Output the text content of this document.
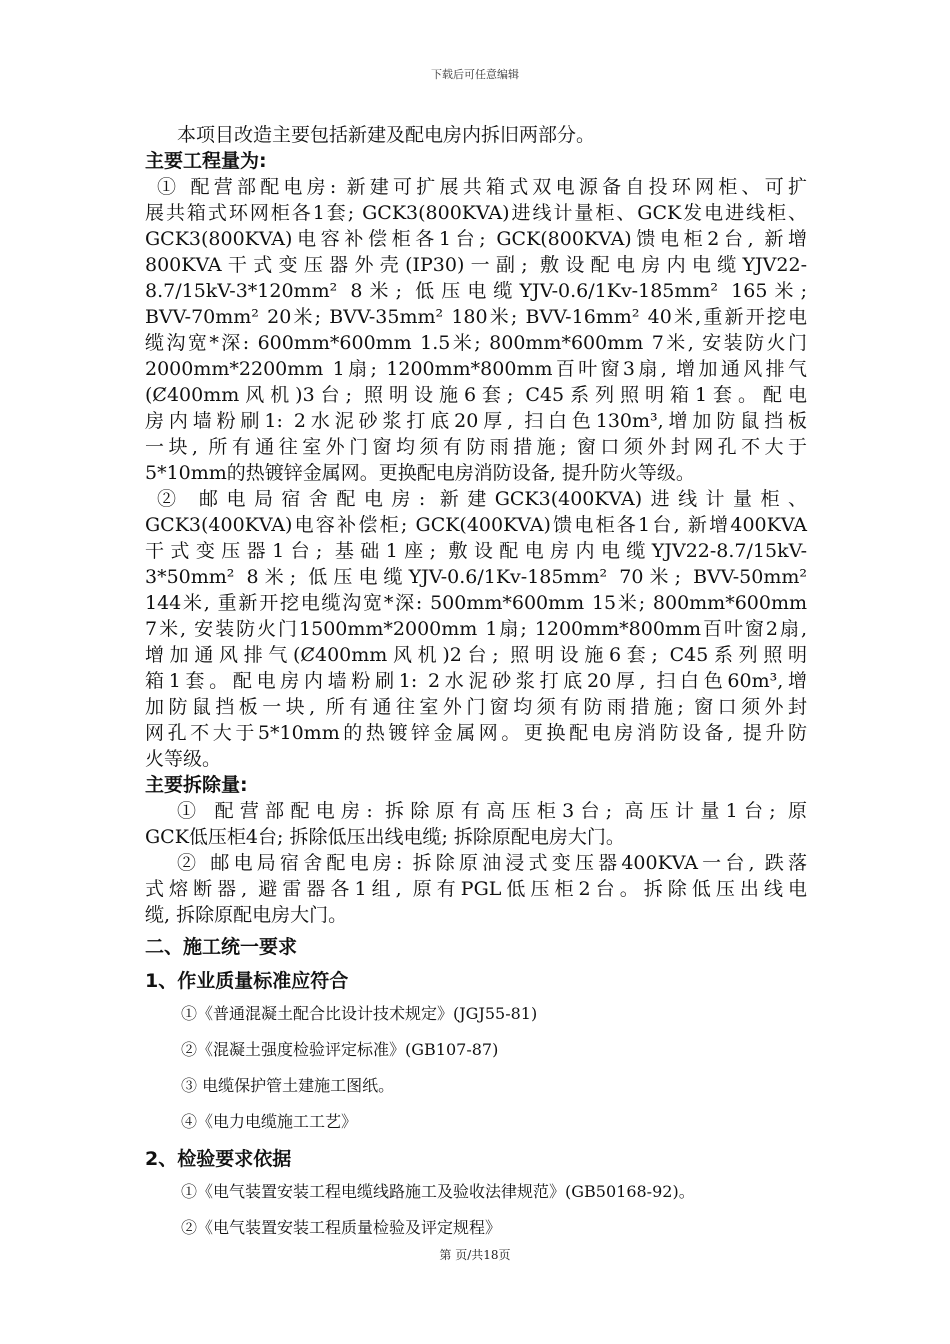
下载后可任意编辑
本项目改造主要包括新建及配电房内拆旧两部分。
主要工程量为:
① 配营部配电房: 新建可扩展共箱式双电源备自投环网柜、可扩
展共箱式环网柜各1套; GCK3(800KVA)进线计量柜、GCK发电进线柜、
GCK3(800KVA)电容补偿柜各1台; GCK(800KVA)馈电柜2台, 新增
800KVA干式变压器外壳(IP30)一副; 敷设配电房内电缆YJV22-
8.7/15kV-3*120mm² 8米; 低压电缆YJV-0.6/1Kv-185mm² 165米;
BVV-70mm² 20米; BVV-35mm² 180米; BVV-16mm² 40米,重新开挖电
缆沟宽*深: 600mm*600mm 1.5米; 800mm*600mm 7米, 安装防火门
2000mm*2200mm 1扇; 1200mm*800mm百叶窗3扇, 增加通风排气
(Ȼ400mm风机)3台; 照明设施6套; C45系列照明箱1套。配电
房内墙粉刷1: 2水泥砂浆打底20厚, 扫白色130m³,增加防鼠挡板
一块, 所有通往室外门窗均须有防雨措施; 窗口须外封网孔不大于
5*10mm的热镀锌金属网。更换配电房消防设备, 提升防火等级。
② 邮电局宿舍配电房: 新建GCK3(400KVA)进线计量柜、
GCK3(400KVA)电容补偿柜; GCK(400KVA)馈电柜各1台, 新增400KVA
干式变压器1台; 基础1座; 敷设配电房内电缆YJV22-8.7/15kV-
3*50mm² 8米; 低压电缆YJV-0.6/1Kv-185mm² 70米; BVV-50mm²
144米, 重新开挖电缆沟宽*深: 500mm*600mm 15米; 800mm*600mm
7米, 安装防火门1500mm*2000mm 1扇; 1200mm*800mm百叶窗2扇,
增加通风排气(Ȼ400mm风机)2台; 照明设施6套; C45系列照明
箱1套。配电房内墙粉刷1: 2水泥砂浆打底20厚, 扫白色60m³,增
加防鼠挡板一块, 所有通往室外门窗均须有防雨措施; 窗口须外封
网孔不大于5*10mm的热镀锌金属网。更换配电房消防设备, 提升防
火等级。
主要拆除量:
① 配营部配电房: 拆除原有高压柜3台; 高压计量1台; 原
GCK低压柜4台; 拆除低压出线电缆; 拆除原配电房大门。
② 邮电局宿舍配电房: 拆除原油浸式变压器400KVA一台, 跌落
式熔断器, 避雷器各1组, 原有PGL低压柜2台。拆除低压出线电
缆, 拆除原配电房大门。
二、施工统一要求
1、作业质量标准应符合
①《普通混凝土配合比设计技术规定》(JGJ55-81)
②《混凝土强度检验评定标准》(GB107-87)
③ 电缆保护管土建施工图纸。
④《电力电缆施工工艺》
2、检验要求依据
①《电气装置安装工程电缆线路施工及验收法律规范》(GB50168-92)。
②《电气装置安装工程质量检验及评定规程》
第 页/共18页
